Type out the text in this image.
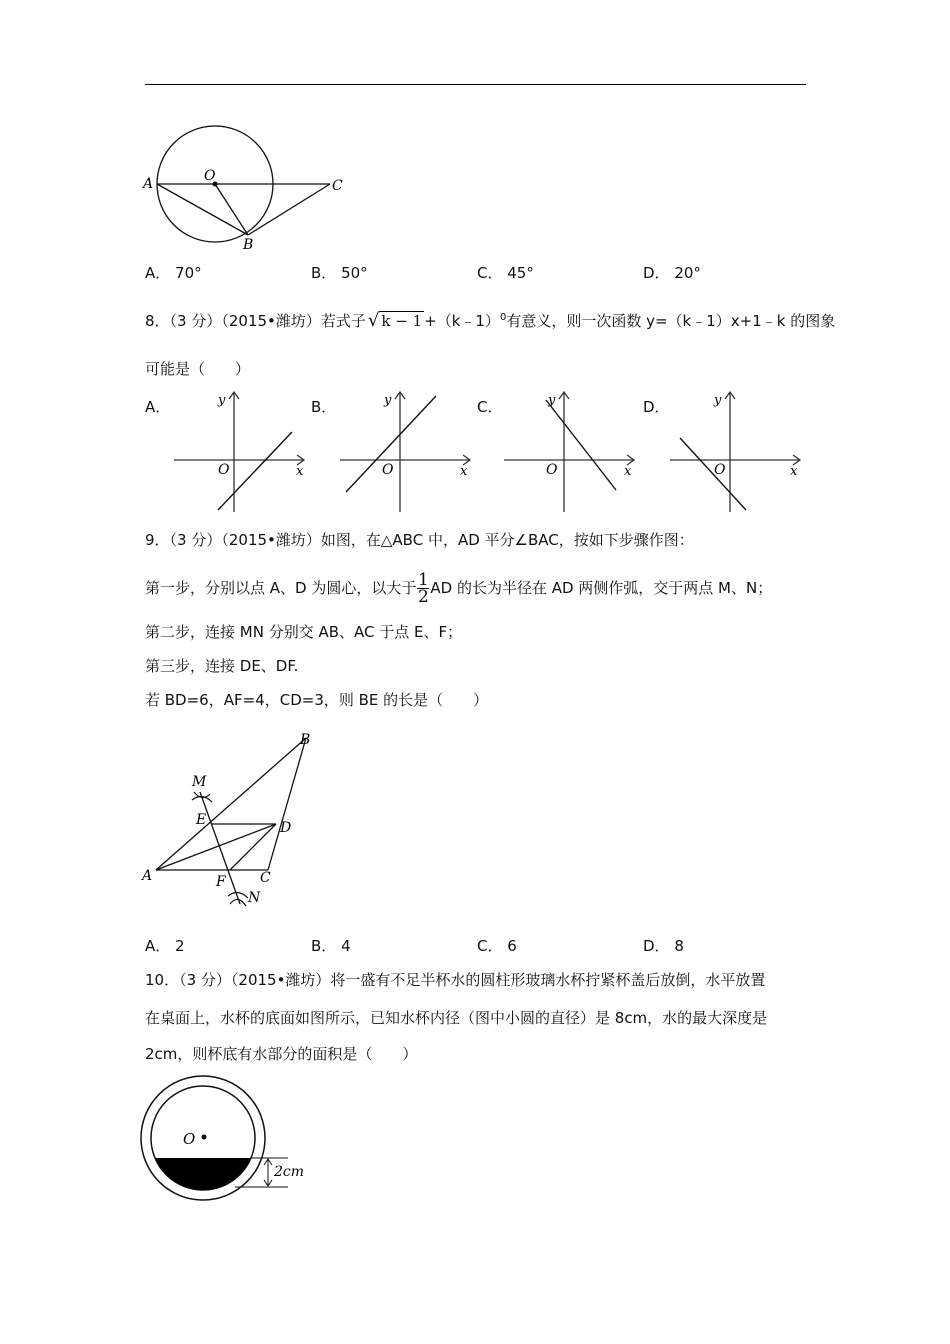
A	O
C
B
A． 70°	B． 50°	C． 45°	D． 20°
8．（3 分）（2015•潍坊）若式子 √ k − 1 +（k﹣1）$^0$有意义，则一次函数 y=（k﹣1）x+1﹣k 的图象
可能是（　　）
A．	B．	C．	D．
O	x
y
O	x
y
O	x
y
O	x
y
9．（3 分）（2015•潍坊）如图，在△ABC 中，AD 平分∠BAC，按如下步骤作图：
第一步，分别以点 A、D 为圆心，以大于 $\frac{1}{2}$ AD 的长为半径在 AD 两侧作弧，交于两点 M、N；
第二步，连接 MN 分别交 AB、AC 于点 E、F；
第三步，连接 DE、DF.
若 BD=6，AF=4，CD=3，则 BE 的长是（　　）
A
B
C
D
E
F
M
N
A． 2	B． 4	C． 6	D． 8
10．（3 分）（2015•潍坊）将一盛有不足半杯水的圆柱形玻璃水杯拧紧杯盖后放倒，水平放置
在桌面上，水杯的底面如图所示，已知水杯内径（图中小圆的直径）是 8cm，水的最大深度是
2cm，则杯底有水部分的面积是（　　）
O
2cm
